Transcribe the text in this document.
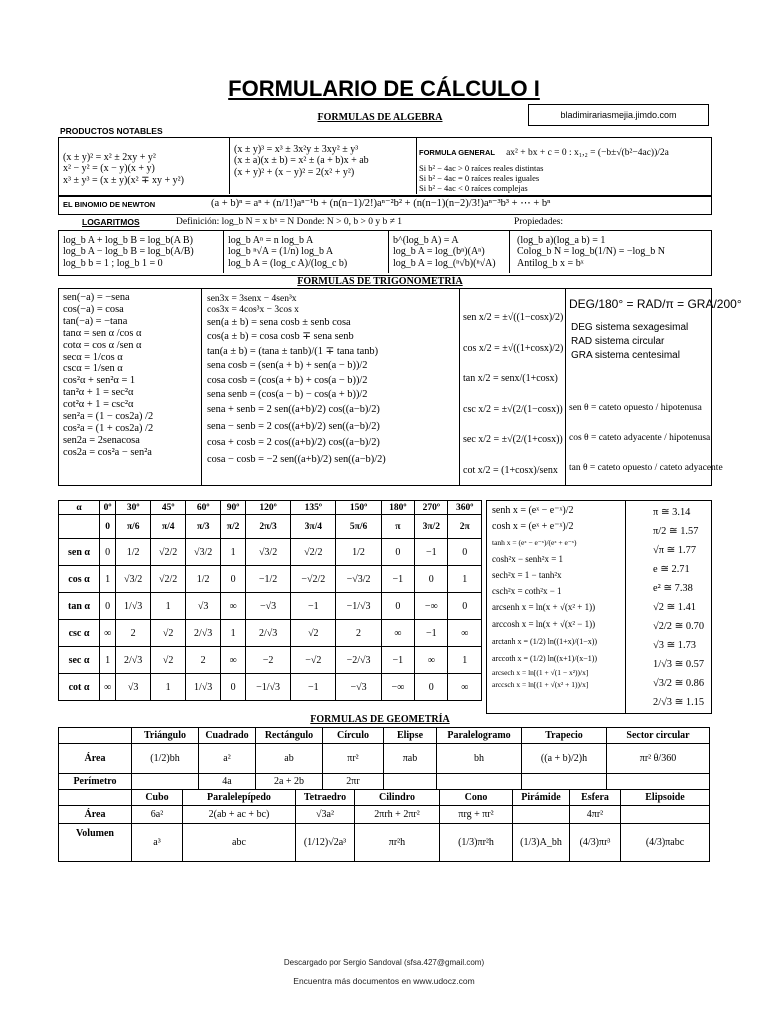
FORMULARIO DE CÁLCULO I
bladimirariasmejia.jimdo.com
FORMULAS DE ALGEBRA
PRODUCTOS NOTABLES
(x ± y)² = x² ± 2xy + y²
x² − y² = (x − y)(x + y)
x³ ± y³ = (x ± y)(x² ∓ xy + y²)
(x ± y)³ = x³ ± 3x²y ± 3xy² ± y³
(x ± a)(x ± b) = x² ± (a + b)x + ab
(x + y)² + (x − y)² = 2(x² + y²)
FORMULA GENERAL ax² + bx + c = 0 : x₁,₂ = (−b±√(b²−4ac))/2a
Si b² − 4ac > 0 raíces reales distintas
Si b² − 4ac = 0 raíces reales iguales
Si b² − 4ac < 0 raíces complejas
EL BINOMIO DE NEWTON	(a + b)ⁿ = aⁿ + (n/1!)aⁿ⁻¹b + (n(n−1)/2!)aⁿ⁻²b² + (n(n−1)(n−2)/3!)aⁿ⁻³b³ + ⋯ + bⁿ
LOGARITMOS	Definición: log_b N = x bˣ = N Donde: N > 0, b > 0 y b ≠ 1	Propiedades:
log_b A + log_b B = log_b(A B)
log_b A − log_b B = log_b(A/B)
log_b b = 1 ; log_b 1 = 0
log_b Aⁿ = n log_b A
log_b ⁿ√A = (1/n) log_b A
log_b A = (log_c A)/(log_c b)
b^(log_b A) = A
log_b A = log_(bⁿ)(Aⁿ)
log_b A = log_(ⁿ√b)(ⁿ√A)
(log_b a)(log_a b) = 1
Colog_b N = log_b(1/N) = −log_b N
Antilog_b x = bˣ
FORMULAS DE TRIGONOMETRÍA
sen(−a) = −sena
cos(−a) = cosa
tan(−a) = −tana
tanα = sen α /cos α
cotα = cos α /sen α
secα = 1/cos α
cscα = 1/sen α
cos²α + sen²α = 1
tan²α + 1 = sec²α
cot²α + 1 = csc²α
sen²a = (1 − cos2a) /2
cos²a = (1 + cos2a) /2
sen2a = 2senacosa
cos2a = cos²a − sen²a
sen3x = 3senx − 4sen³x
cos3x = 4cos³x − 3cos x
sen(a ± b) = sena cosb ± senb cosa
cos(a ± b) = cosa cosb ∓ sena senb
tan(a ± b) = (tana ± tanb)/(1 ∓ tana tanb)
sena cosb = (sen(a + b) + sen(a − b))/2
cosa cosb = (cos(a + b) + cos(a − b))/2
sena senb = (cos(a − b) − cos(a + b))/2
sena + senb = 2 sen((a+b)/2) cos((a−b)/2)
sena − senb = 2 cos((a+b)/2) sen((a−b)/2)
cosa + cosb = 2 cos((a+b)/2) cos((a−b)/2)
cosa − cosb = −2 sen((a+b)/2) sen((a−b)/2)
sen x/2 = ±√((1−cosx)/2)
cos x/2 = ±√((1+cosx)/2)
tan x/2 = senx/(1+cosx)
csc x/2 = ±√(2/(1−cosx))
sec x/2 = ±√(2/(1+cosx))
cot x/2 = (1+cosx)/senx
DEG/180° = RAD/π = GRA/200°
DEG sistema sexagesimal
RAD sistema circular
GRA sistema centesimal
sen θ = cateto opuesto / hipotenusa
cos θ = cateto adyacente / hipotenusa
tan θ = cateto opuesto / cateto adyacente
α	0º	30º	45º	60º	90º	120º	135º	150º	180º	270º	360º
	0	π/6	π/4	π/3	π/2	2π/3	3π/4	5π/6	π	3π/2	2π
sen α	0	1/2	√2/2	√3/2	1	√3/2	√2/2	1/2	0	−1	0
cos α	1	√3/2	√2/2	1/2	0	−1/2	−√2/2	−√3/2	−1	0	1
tan α	0	1/√3	1	√3	∞	−√3	−1	−1/√3	0	−∞	0
csc α	∞	2	√2	2/√3	1	2/√3	√2	2	∞	−1	∞
sec α	1	2/√3	√2	2	∞	−2	−√2	−2/√3	−1	∞	1
cot α	∞	√3	1	1/√3	0	−1/√3	−1	−√3	−∞	0	∞
senh x = (eˣ − e⁻ˣ)/2
cosh x = (eˣ + e⁻ˣ)/2
tanh x = (eˣ − e⁻ˣ)/(eˣ + e⁻ˣ)
cosh²x − senh²x = 1
sech²x = 1 − tanh²x
csch²x = coth²x − 1
arcsenh x = ln(x + √(x² + 1))
arccosh x = ln(x + √(x² − 1))
arctanh x = (1/2) ln((1+x)/(1−x))
arccoth x = (1/2) ln((x+1)/(x−1))
arcsech x = ln[(1 + √(1 − x²))/x]
arccsch x = ln[(1 + √(x² + 1))/x]
π ≅ 3.14
π/2 ≅ 1.57
√π ≅ 1.77
e ≅ 2.71
e² ≅ 7.38
√2 ≅ 1.41
√2/2 ≅ 0.70
√3 ≅ 1.73
1/√3 ≅ 0.57
√3/2 ≅ 0.86
2/√3 ≅ 1.15
FORMULAS DE GEOMETRÍA
	Triángulo	Cuadrado	Rectángulo	Círculo	Elipse	Paralelogramo	Trapecio	Sector circular
Área	(1/2)bh	a²	ab	πr²	πab	bh	((a + b)/2)h	πr² θ/360
Perímetro		4a	2a + 2b	2πr				
	Cubo	Paralelepípedo	Tetraedro	Cilindro	Cono	Pirámide	Esfera	Elipsoide
Área	6a²	2(ab + ac + bc)	√3a²	2πrh + 2πr²	πrg + πr²		4πr²	
Volumen	a³	abc	(1/12)√2a³	πr²h	(1/3)πr²h	(1/3)A_bh	(4/3)πr³	(4/3)πabc
Descargado por Sergio Sandoval (sfsa.427@gmail.com)
Encuentra más documentos en www.udocz.com
